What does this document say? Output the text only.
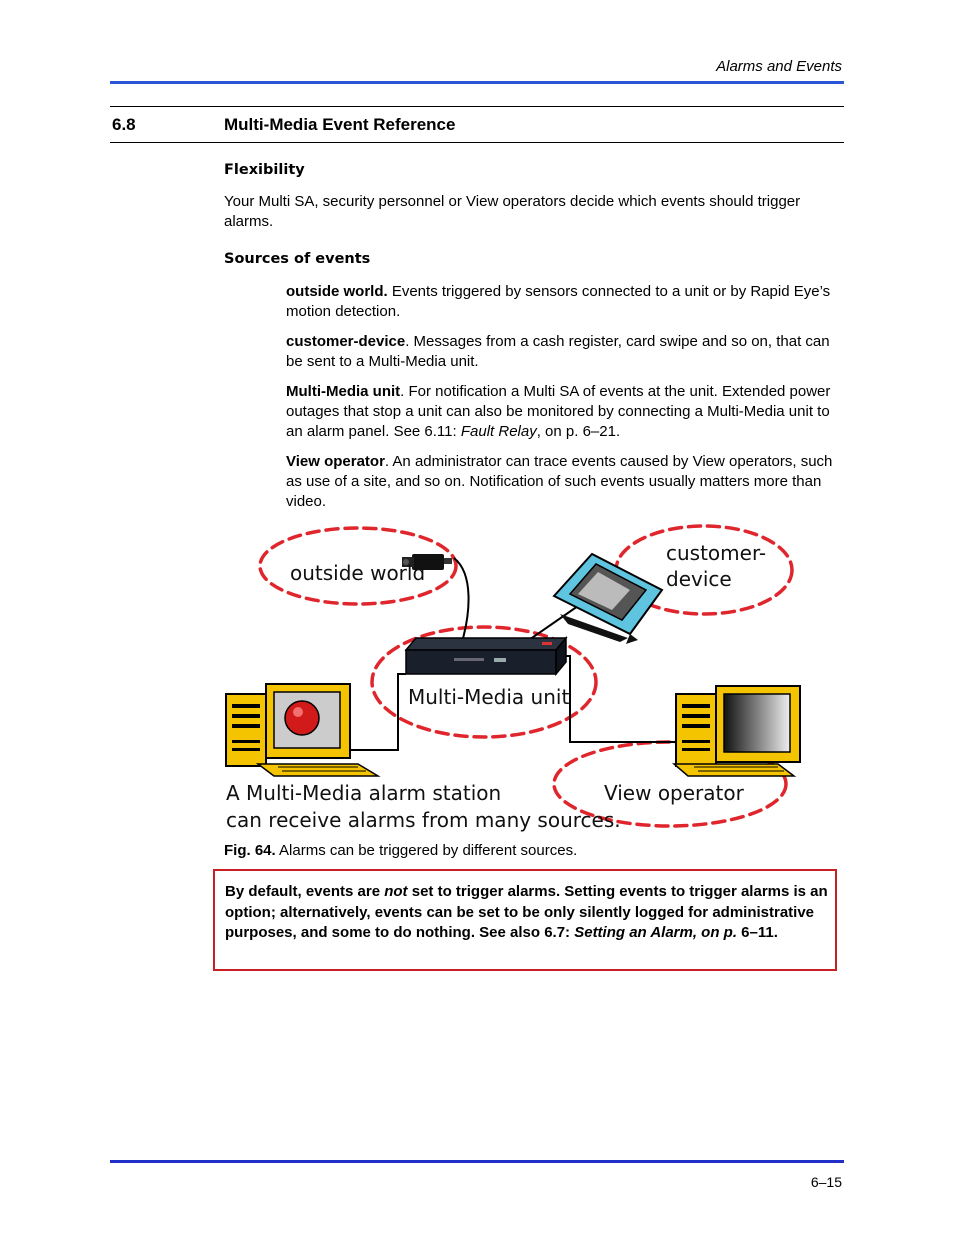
Alarms and Events
6.8	Multi-Media Event Reference
Flexibility
Your Multi SA, security personnel or View operators decide which events should trigger alarms.
Sources of events
outside world. Events triggered by sensors connected to a unit or by Rapid Eye’s motion detection.
customer-device. Messages from a cash register, card swipe and so on, that can be sent to a Multi-Media unit.
Multi-Media unit. For notification a Multi SA of events at the unit. Extended power outages that stop a unit can also be monitored by connecting a Multi-Media unit to an alarm panel. See 6.11: Fault Relay, on p. 6–21.
View operator. An administrator can trace events caused by View operators, such as use of a site, and so on. Notification of such events usually matters more than video.
outside world
customer-
device
Multi-Media unit
View operator
A Multi-Media alarm station
can receive alarms from many sources.
Fig. 64. Alarms can be triggered by different sources.
By default, events are not set to trigger alarms. Setting events to trigger alarms is an option; alternatively, events can be set to be only silently logged for administrative purposes, and some to do nothing. See also 6.7: Setting an Alarm, on p. 6–11.
6–15
